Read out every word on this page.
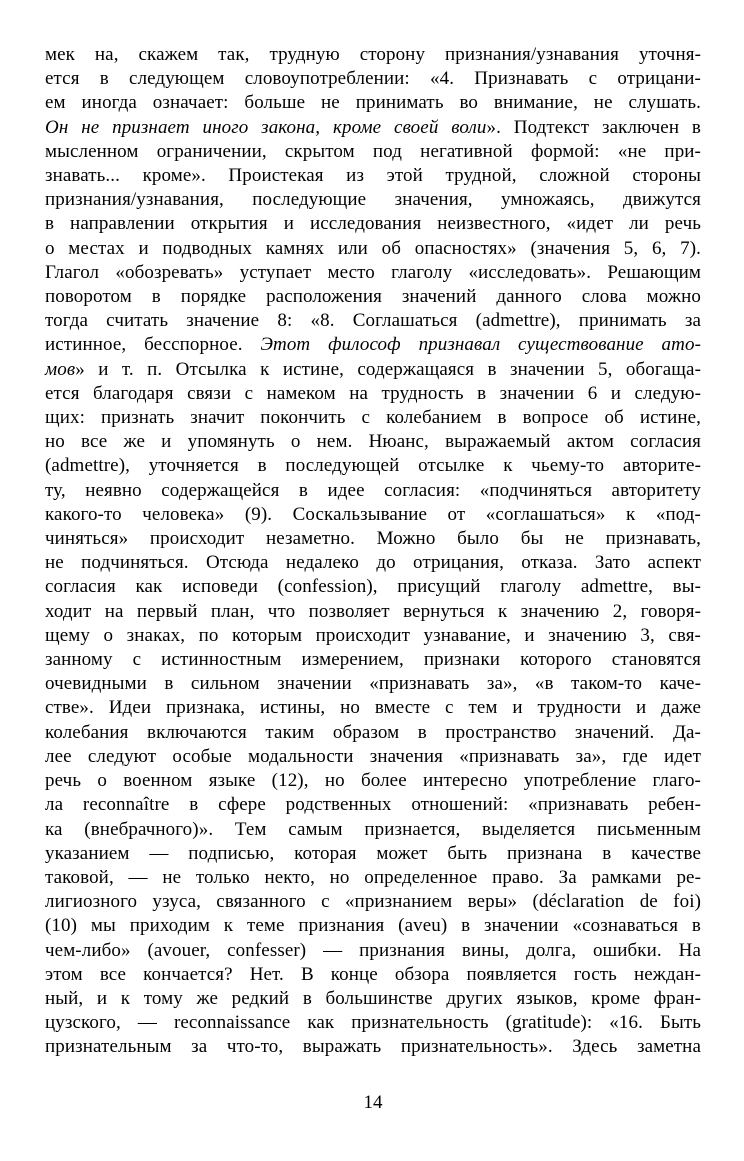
мек на, скажем так, трудную сторону признания/узнавания уточня-
ется в следующем словоупотреблении: «4. Признавать с отрицани-
ем иногда означает: больше не принимать во внимание, не слушать.
Он не признает иного закона, кроме своей воли». Подтекст заключен в
мысленном ограничении, скрытом под негативной формой: «не при-
знавать... кроме». Проистекая из этой трудной, сложной стороны
признания/узнавания, последующие значения, умножаясь, движутся
в направлении открытия и исследования неизвестного, «идет ли речь
о местах и подводных камнях или об опасностях» (значения 5, 6, 7).
Глагол «обозревать» уступает место глаголу «исследовать». Решающим
поворотом в порядке расположения значений данного слова можно
тогда считать значение 8: «8. Соглашаться (admettre), принимать за
истинное, бесспорное. Этот философ признавал существование ато-
мов» и т. п. Отсылка к истине, содержащаяся в значении 5, обогаща-
ется благодаря связи с намеком на трудность в значении 6 и следую-
щих: признать значит покончить с колебанием в вопросе об истине,
но все же и упомянуть о нем. Нюанс, выражаемый актом согласия
(admettre), уточняется в последующей отсылке к чьему-то авторите-
ту, неявно содержащейся в идее согласия: «подчиняться авторитету
какого-то человека» (9). Соскальзывание от «соглашаться» к «под-
чиняться» происходит незаметно. Можно было бы не признавать,
не подчиняться. Отсюда недалеко до отрицания, отказа. Зато аспект
согласия как исповеди (confession), присущий глаголу admettre, вы-
ходит на первый план, что позволяет вернуться к значению 2, говоря-
щему о знаках, по которым происходит узнавание, и значению 3, свя-
занному с истинностным измерением, признаки которого становятся
очевидными в сильном значении «признавать за», «в таком-то каче-
стве». Идеи признака, истины, но вместе с тем и трудности и даже
колебания включаются таким образом в пространство значений. Да-
лее следуют особые модальности значения «признавать за», где идет
речь о военном языке (12), но более интересно употребление глаго-
ла reconnaître в сфере родственных отношений: «признавать ребен-
ка (внебрачного)». Тем самым признается, выделяется письменным
указанием — подписью, которая может быть признана в качестве
таковой, — не только некто, но определенное право. За рамками ре-
лигиозного узуса, связанного с «признанием веры» (déclaration de foi)
(10) мы приходим к теме признания (aveu) в значении «сознаваться в
чем-либо» (avouer, confesser) — признания вины, долга, ошибки. На
этом все кончается? Нет. В конце обзора появляется гость неждан-
ный, и к тому же редкий в большинстве других языков, кроме фран-
цузского, — reconnaissance как признательность (gratitude): «16. Быть
признательным за что-то, выражать признательность». Здесь заметна
14
